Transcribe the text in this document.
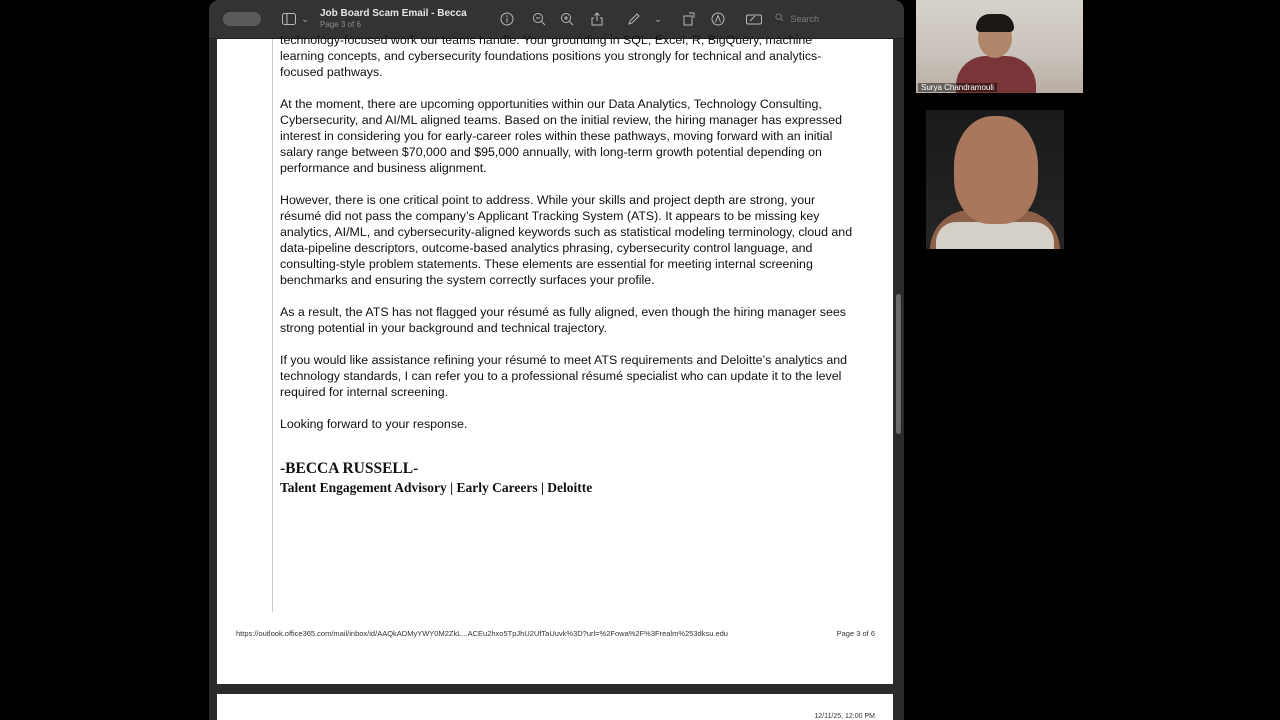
⌄ Job Board Scam Email - Becca
Page 3 of 6
⌄	Search

technology-focused work our teams handle. Your grounding in SQL, Excel, R, BigQuery, machine learning concepts, and cybersecurity foundations positions you strongly for technical and analytics-focused pathways.

At the moment, there are upcoming opportunities within our Data Analytics, Technology Consulting, Cybersecurity, and AI/ML aligned teams. Based on the initial review, the hiring manager has expressed interest in considering you for early-career roles within these pathways, moving forward with an initial salary range between $70,000 and $95,000 annually, with long-term growth potential depending on performance and business alignment.

However, there is one critical point to address. While your skills and project depth are strong, your résumé did not pass the company’s Applicant Tracking System (ATS). It appears to be missing key analytics, AI/ML, and cybersecurity-aligned keywords such as statistical modeling terminology, cloud and data-pipeline descriptors, outcome-based analytics phrasing, cybersecurity control language, and consulting-style problem statements. These elements are essential for meeting internal screening benchmarks and ensuring the system correctly surfaces your profile.

As a result, the ATS has not flagged your résumé as fully aligned, even though the hiring manager sees strong potential in your background and technical trajectory.

If you would like assistance refining your résumé to meet ATS requirements and Deloitte’s analytics and technology standards, I can refer you to a professional résumé specialist who can update it to the level required for internal screening.

Looking forward to your response.

-BECCA RUSSELL-
Talent Engagement Advisory | Early Careers | Deloitte
https://outlook.office365.com/mail/inbox/id/AAQkADMyYWY0M2ZkL...ACEu2hxo5TpJhU2UfTaUuvk%3D?url=%2Fowa%2F%3Frealm%253dksu.edu	Page 3 of 6
12/11/25, 12:00 PM
Surya Chandramouli
